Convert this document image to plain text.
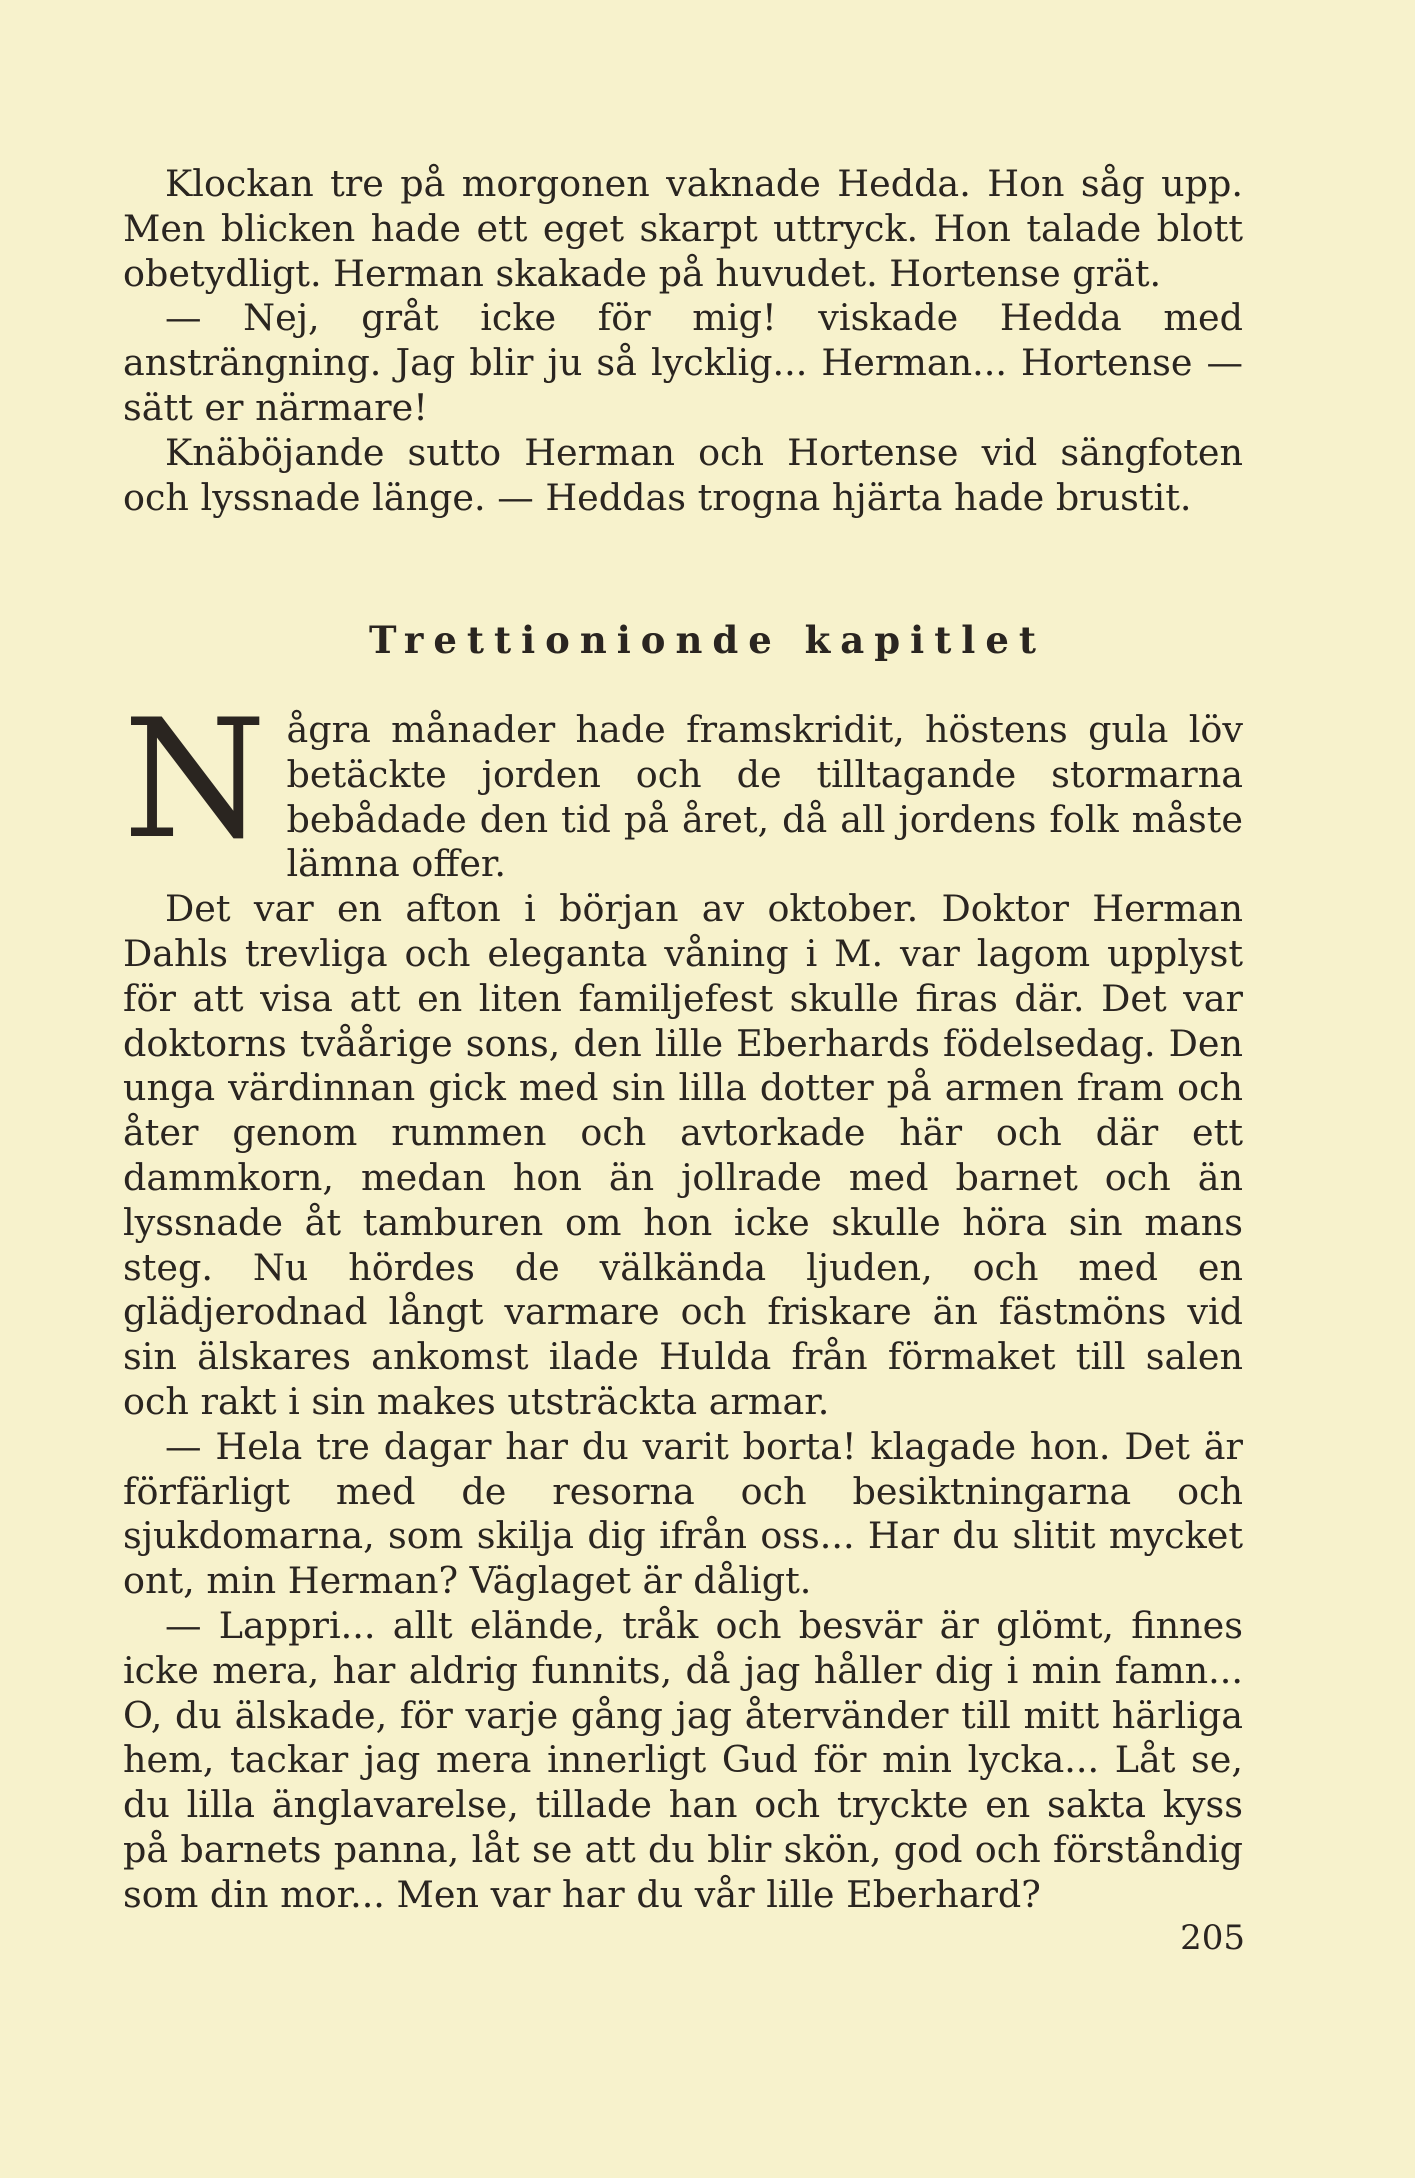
Klockan tre på morgonen vaknade Hedda. Hon såg upp. Men blicken hade ett eget skarpt uttryck. Hon talade blott obetydligt. Herman skakade på huvudet. Hortense grät.

— Nej, gråt icke för mig! viskade Hedda med ansträngning. Jag blir ju så lycklig... Herman... Hortense — sätt er närmare!

Knäböjande sutto Herman och Hortense vid sängfoten och lyssnade länge. — Heddas trogna hjärta hade brustit.

Trettionionde kapitlet

Några månader hade framskridit, höstens gula löv betäckte jorden och de tilltagande stormarna bebådade den tid på året, då all jordens folk måste lämna offer.

Det var en afton i början av oktober. Doktor Herman Dahls trevliga och eleganta våning i M. var lagom upplyst för att visa att en liten familjefest skulle firas där. Det var doktorns tvåårige sons, den lille Eberhards födelsedag. Den unga värdinnan gick med sin lilla dotter på armen fram och åter genom rummen och avtorkade här och där ett dammkorn, medan hon än jollrade med barnet och än lyssnade åt tamburen om hon icke skulle höra sin mans steg. Nu hördes de välkända ljuden, och med en glädjerodnad långt varmare och friskare än fästmöns vid sin älskares ankomst ilade Hulda från förmaket till salen och rakt i sin makes utsträckta armar.

— Hela tre dagar har du varit borta! klagade hon. Det är förfärligt med de resorna och besiktningarna och sjukdomarna, som skilja dig ifrån oss... Har du slitit mycket ont, min Herman? Väglaget är dåligt.

— Lappri... allt elände, tråk och besvär är glömt, finnes icke mera, har aldrig funnits, då jag håller dig i min famn... O, du älskade, för varje gång jag återvänder till mitt härliga hem, tackar jag mera innerligt Gud för min lycka... Låt se, du lilla änglavarelse, tillade han och tryckte en sakta kyss på barnets panna, låt se att du blir skön, god och förståndig som din mor... Men var har du vår lille Eberhard?

205
